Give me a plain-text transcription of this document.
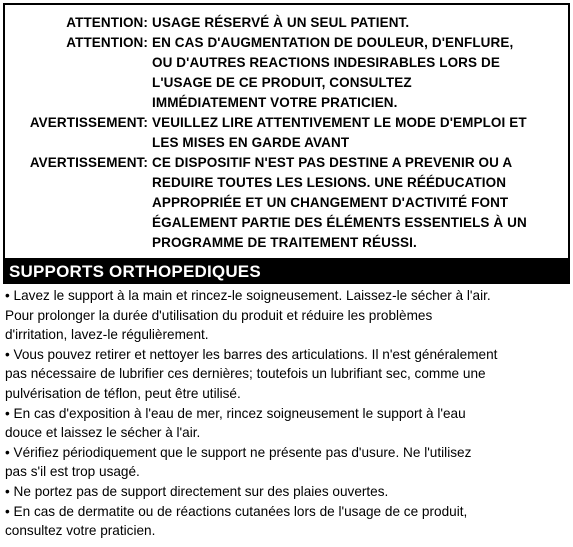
ATTENTION: USAGE RÉSERVÉ À UN SEUL PATIENT.
ATTENTION: EN CAS D'AUGMENTATION DE DOULEUR, D'ENFLURE,
OU D'AUTRES REACTIONS INDESIRABLES LORS DE
L'USAGE DE CE PRODUIT, CONSULTEZ
IMMÉDIATEMENT VOTRE PRATICIEN.
AVERTISSEMENT: VEUILLEZ LIRE ATTENTIVEMENT LE MODE D'EMPLOI ET
LES MISES EN GARDE AVANT
AVERTISSEMENT: CE DISPOSITIF N'EST PAS DESTINE A PREVENIR OU A
REDUIRE TOUTES LES LESIONS. UNE RÉÉDUCATION
APPROPRIÉE ET UN CHANGEMENT D'ACTIVITÉ FONT
ÉGALEMENT PARTIE DES ÉLÉMENTS ESSENTIELS À UN
PROGRAMME DE TRAITEMENT RÉUSSI.
SUPPORTS ORTHOPEDIQUES
• Lavez le support à la main et rincez-le soigneusement. Laissez-le sécher à l'air.
Pour prolonger la durée d'utilisation du produit et réduire les problèmes
d'irritation, lavez-le régulièrement.
• Vous pouvez retirer et nettoyer les barres des articulations. Il n'est généralement
pas nécessaire de lubrifier ces dernières; toutefois un lubrifiant sec, comme une
pulvérisation de téflon, peut être utilisé.
• En cas d'exposition à l'eau de mer, rincez soigneusement le support à l'eau
douce et laissez le sécher à l'air.
• Vérifiez périodiquement que le support ne présente pas d'usure. Ne l'utilisez
pas s'il est trop usagé.
• Ne portez pas de support directement sur des plaies ouvertes.
• En cas de dermatite ou de réactions cutanées lors de l'usage de ce produit,
consultez votre praticien.
